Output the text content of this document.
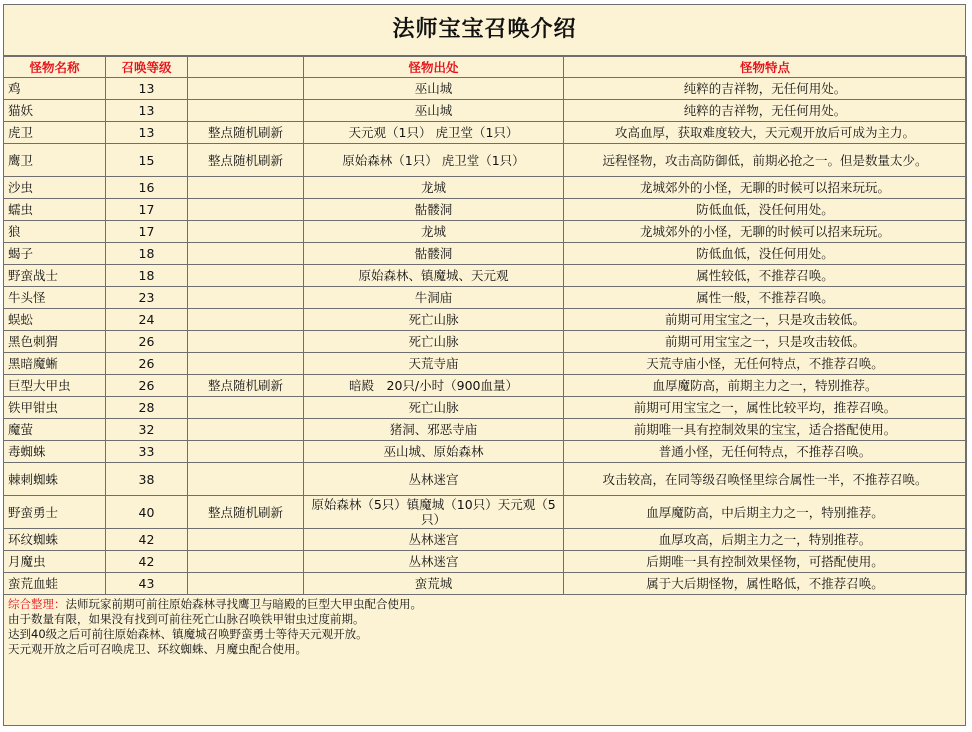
法师宝宝召唤介绍
怪物名称	召唤等级		怪物出处	怪物特点
鸡	13		巫山城	纯粹的吉祥物，无任何用处。
猫妖	13		巫山城	纯粹的吉祥物，无任何用处。
虎卫	13	整点随机刷新	天元观（1只） 虎卫堂（1只）	攻高血厚，获取难度较大，天元观开放后可成为主力。
鹰卫	15	整点随机刷新	原始森林（1只） 虎卫堂（1只）	远程怪物，攻击高防御低，前期必抢之一。但是数量太少。
沙虫	16		龙城	龙城郊外的小怪，无聊的时候可以招来玩玩。
蠕虫	17		骷髅洞	防低血低，没任何用处。
狼	17		龙城	龙城郊外的小怪，无聊的时候可以招来玩玩。
蝎子	18		骷髅洞	防低血低，没任何用处。
野蛮战士	18		原始森林、镇魔城、天元观	属性较低，不推荐召唤。
牛头怪	23		牛洞庙	属性一般，不推荐召唤。
蜈蚣	24		死亡山脉	前期可用宝宝之一，只是攻击较低。
黑色刺猬	26		死亡山脉	前期可用宝宝之一，只是攻击较低。
黑暗魔蜥	26		天荒寺庙	天荒寺庙小怪，无任何特点，不推荐召唤。
巨型大甲虫	26	整点随机刷新	暗殿　20只/小时（900血量）	血厚魔防高，前期主力之一，特别推荐。
铁甲钳虫	28		死亡山脉	前期可用宝宝之一，属性比较平均，推荐召唤。
魔萤	32		猪洞、邪恶寺庙	前期唯一具有控制效果的宝宝，适合搭配使用。
毒蜘蛛	33		巫山城、原始森林	普通小怪，无任何特点，不推荐召唤。
棘刺蜘蛛	38		丛林迷宫	攻击较高，在同等级召唤怪里综合属性一半，不推荐召唤。
野蛮勇士	40	整点随机刷新	原始森林（5只）镇魔城（10只）天元观（5只）	血厚魔防高，中后期主力之一，特别推荐。
环纹蜘蛛	42		丛林迷宫	血厚攻高，后期主力之一，特别推荐。
月魔虫	42		丛林迷宫	后期唯一具有控制效果怪物，可搭配使用。
蛮荒血蛙	43		蛮荒城	属于大后期怪物，属性略低，不推荐召唤。
综合整理：法师玩家前期可前往原始森林寻找鹰卫与暗殿的巨型大甲虫配合使用。
由于数量有限，如果没有找到可前往死亡山脉召唤铁甲钳虫过度前期。
达到40级之后可前往原始森林、镇魔城召唤野蛮勇士等待天元观开放。
天元观开放之后可召唤虎卫、环纹蜘蛛、月魔虫配合使用。
